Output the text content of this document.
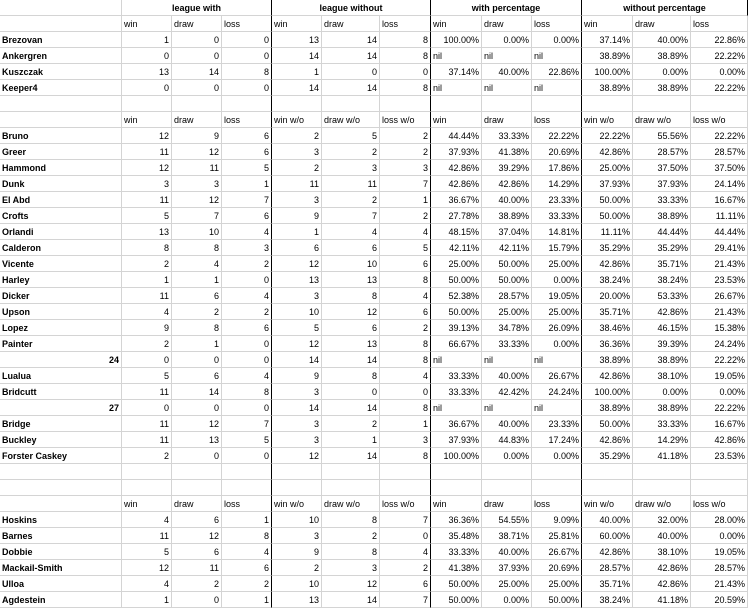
league with	league without	with percentage	without percentage
win	draw	loss	win	draw	loss	win	draw	loss	win	draw	loss
Brezovan	1	0	0	13	14	8	100.00%	0.00%	0.00%	37.14%	40.00%	22.86%
Ankergren	0	0	0	14	14	8 nil	nil	nil	38.89%	38.89%	22.22%
Kuszczak	13	14	8	1	0	0	37.14%	40.00%	22.86%	100.00%	0.00%	0.00%
Keeper4	0	0	0	14	14	8 nil	nil	nil	38.89%	38.89%	22.22%
win	draw	loss	win w/o	draw w/o	loss w/o	win	draw	loss	win w/o	draw w/o	loss w/o
Bruno	12	9	6	2	5	2	44.44%	33.33%	22.22%	22.22%	55.56%	22.22%
Greer	11	12	6	3	2	2	37.93%	41.38%	20.69%	42.86%	28.57%	28.57%
Hammond	12	11	5	2	3	3	42.86%	39.29%	17.86%	25.00%	37.50%	37.50%
Dunk	3	3	1	11	11	7	42.86%	42.86%	14.29%	37.93%	37.93%	24.14%
El Abd	11	12	7	3	2	1	36.67%	40.00%	23.33%	50.00%	33.33%	16.67%
Crofts	5	7	6	9	7	2	27.78%	38.89%	33.33%	50.00%	38.89%	11.11%
Orlandi	13	10	4	1	4	4	48.15%	37.04%	14.81%	11.11%	44.44%	44.44%
Calderon	8	8	3	6	6	5	42.11%	42.11%	15.79%	35.29%	35.29%	29.41%
Vicente	2	4	2	12	10	6	25.00%	50.00%	25.00%	42.86%	35.71%	21.43%
Harley	1	1	0	13	13	8	50.00%	50.00%	0.00%	38.24%	38.24%	23.53%
Dicker	11	6	4	3	8	4	52.38%	28.57%	19.05%	20.00%	53.33%	26.67%
Upson	4	2	2	10	12	6	50.00%	25.00%	25.00%	35.71%	42.86%	21.43%
Lopez	9	8	6	5	6	2	39.13%	34.78%	26.09%	38.46%	46.15%	15.38%
Painter	2	1	0	12	13	8	66.67%	33.33%	0.00%	36.36%	39.39%	24.24%
24	0	0	0	14	14	8 nil	nil	nil	38.89%	38.89%	22.22%
Lualua	5	6	4	9	8	4	33.33%	40.00%	26.67%	42.86%	38.10%	19.05%
Bridcutt	11	14	8	3	0	0	33.33%	42.42%	24.24%	100.00%	0.00%	0.00%
27	0	0	0	14	14	8 nil	nil	nil	38.89%	38.89%	22.22%
Bridge	11	12	7	3	2	1	36.67%	40.00%	23.33%	50.00%	33.33%	16.67%
Buckley	11	13	5	3	1	3	37.93%	44.83%	17.24%	42.86%	14.29%	42.86%
Forster Caskey	2	0	0	12	14	8	100.00%	0.00%	0.00%	35.29%	41.18%	23.53%
win	draw	loss	win w/o	draw w/o	loss w/o	win	draw	loss	win w/o	draw w/o	loss w/o
Hoskins	4	6	1	10	8	7	36.36%	54.55%	9.09%	40.00%	32.00%	28.00%
Barnes	11	12	8	3	2	0	35.48%	38.71%	25.81%	60.00%	40.00%	0.00%
Dobbie	5	6	4	9	8	4	33.33%	40.00%	26.67%	42.86%	38.10%	19.05%
Mackail-Smith	12	11	6	2	3	2	41.38%	37.93%	20.69%	28.57%	42.86%	28.57%
Ulloa	4	2	2	10	12	6	50.00%	25.00%	25.00%	35.71%	42.86%	21.43%
Agdestein	1	0	1	13	14	7	50.00%	0.00%	50.00%	38.24%	41.18%	20.59%
